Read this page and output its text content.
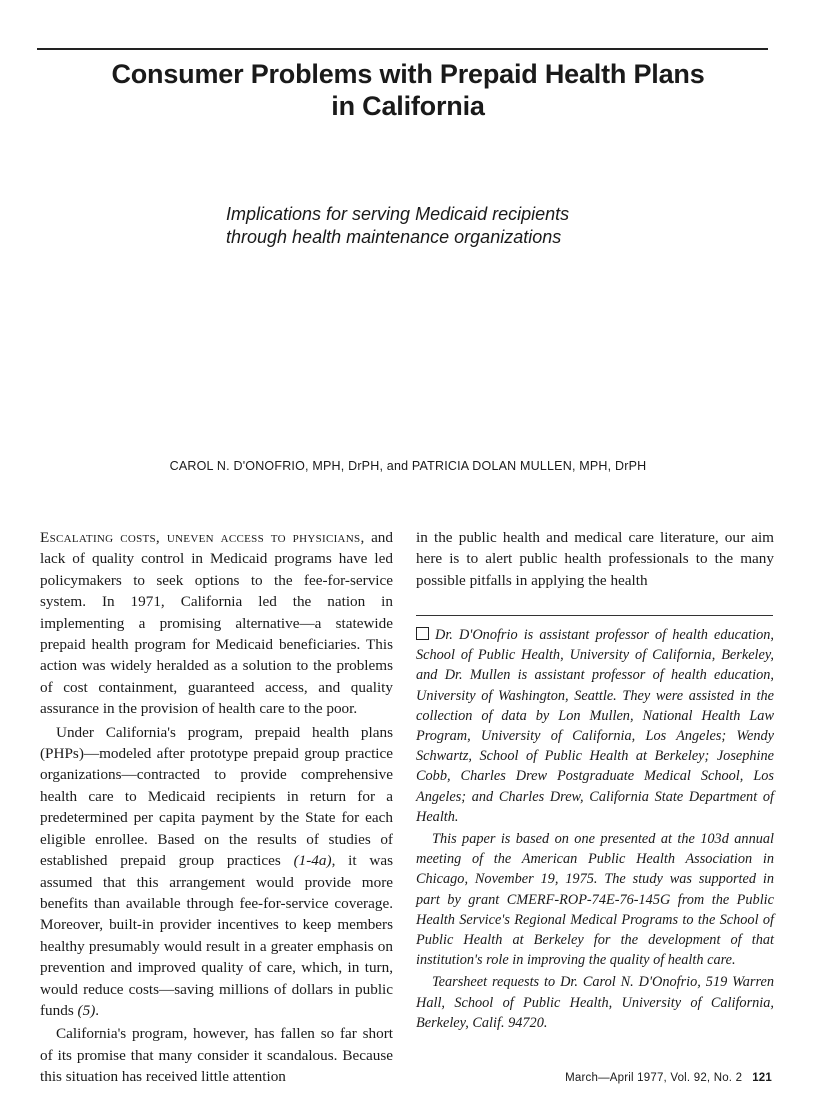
Consumer Problems with Prepaid Health Plans
in California
Implications for serving Medicaid recipients
through health maintenance organizations
CAROL N. D'ONOFRIO, MPH, DrPH, and PATRICIA DOLAN MULLEN, MPH, DrPH

Escalating costs, uneven access to physicians, and lack of quality control in Medicaid programs have led policymakers to seek options to the fee-for-service system. In 1971, California led the nation in implementing a promising alternative—a statewide prepaid health program for Medicaid beneficiaries. This action was widely heralded as a solution to the problems of cost containment, guaranteed access, and quality assurance in the provision of health care to the poor.

Under California's program, prepaid health plans (PHPs)—modeled after prototype prepaid group practice organizations—contracted to provide comprehensive health care to Medicaid recipients in return for a predetermined per capita payment by the State for each eligible enrollee. Based on the results of studies of established prepaid group practices (1-4a), it was assumed that this arrangement would provide more benefits than available through fee-for-service coverage. Moreover, built-in provider incentives to keep members healthy presumably would result in a greater emphasis on prevention and improved quality of care, which, in turn, would reduce costs—saving millions of dollars in public funds (5).

California's program, however, has fallen so far short of its promise that many consider it scandalous. Because this situation has received little attention

in the public health and medical care literature, our aim here is to alert public health professionals to the many possible pitfalls in applying the health

Dr. D'Onofrio is assistant professor of health education, School of Public Health, University of California, Berkeley, and Dr. Mullen is assistant professor of health education, University of Washington, Seattle. They were assisted in the collection of data by Lon Mullen, National Health Law Program, University of California, Los Angeles; Wendy Schwartz, School of Public Health at Berkeley; Josephine Cobb, Charles Drew Postgraduate Medical School, Los Angeles; and Charles Drew, California State Department of Health.

This paper is based on one presented at the 103d annual meeting of the American Public Health Association in Chicago, November 19, 1975. The study was supported in part by grant CMERF-ROP-74E-76-145G from the Public Health Service's Regional Medical Programs to the School of Public Health at Berkeley for the development of that institution's role in improving the quality of health care.

Tearsheet requests to Dr. Carol N. D'Onofrio, 519 Warren Hall, School of Public Health, University of California, Berkeley, Calif. 94720.

March—April 1977, Vol. 92, No. 2 121
